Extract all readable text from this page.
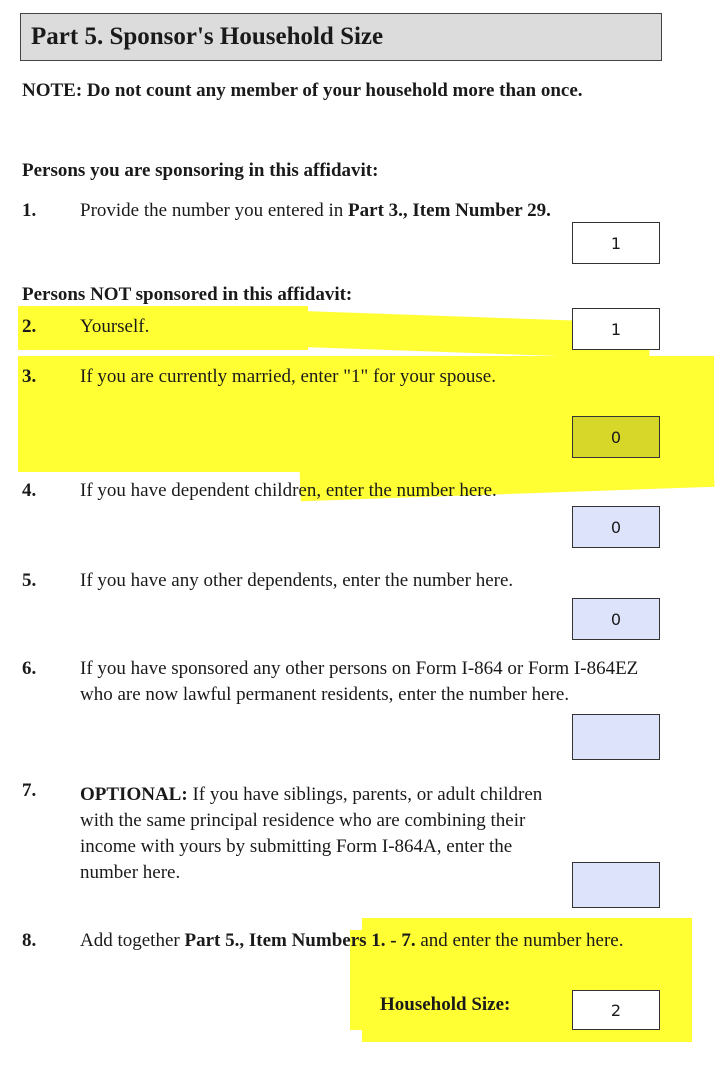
Part 5. Sponsor's Household Size
NOTE: Do not count any member of your household more than once.
Persons you are sponsoring in this affidavit:
1. Provide the number you entered in Part 3., Item Number 29.
1
Persons NOT sponsored in this affidavit:
2. Yourself.	1
3. If you are currently married, enter "1" for your spouse.
0
4. If you have dependent children, enter the number here.
0
5. If you have any other dependents, enter the number here.
0
6. If you have sponsored any other persons on Form I-864 or Form I-864EZ who are now lawful permanent residents, enter the number here.
7. OPTIONAL: If you have siblings, parents, or adult children with the same principal residence who are combining their income with yours by submitting Form I-864A, enter the number here.
8. Add together Part 5., Item Numbers 1. - 7. and enter the number here.
Household Size:	2
